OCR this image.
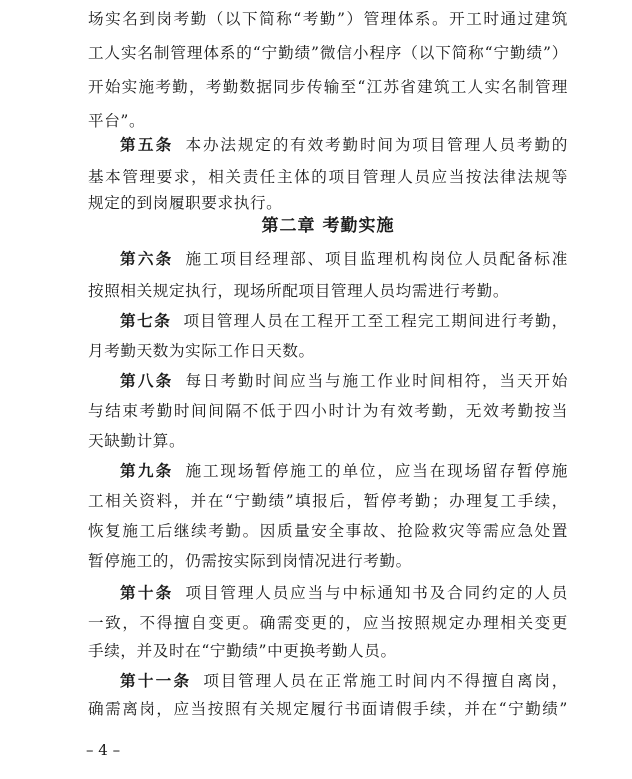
场实名到岗考勤（以下简称“考勤”）管理体系。开工时通过建筑
工人实名制管理体系的“宁勤绩”微信小程序（以下简称“宁勤绩”）
开始实施考勤，考勤数据同步传输至“江苏省建筑工人实名制管理
平台”。
第五条 本办法规定的有效考勤时间为项目管理人员考勤的
基本管理要求，相关责任主体的项目管理人员应当按法律法规等
规定的到岗履职要求执行。
第二章 考勤实施
第六条 施工项目经理部、项目监理机构岗位人员配备标准
按照相关规定执行，现场所配项目管理人员均需进行考勤。
第七条 项目管理人员在工程开工至工程完工期间进行考勤，
月考勤天数为实际工作日天数。
第八条 每日考勤时间应当与施工作业时间相符，当天开始
与结束考勤时间间隔不低于四小时计为有效考勤，无效考勤按当
天缺勤计算。
第九条 施工现场暂停施工的单位，应当在现场留存暂停施
工相关资料，并在“宁勤绩”填报后，暂停考勤；办理复工手续，
恢复施工后继续考勤。因质量安全事故、抢险救灾等需应急处置
暂停施工的，仍需按实际到岗情况进行考勤。
第十条 项目管理人员应当与中标通知书及合同约定的人员
一致，不得擅自变更。确需变更的，应当按照规定办理相关变更
手续，并及时在“宁勤绩”中更换考勤人员。
第十一条 项目管理人员在正常施工时间内不得擅自离岗，
确需离岗，应当按照有关规定履行书面请假手续，并在“宁勤绩”
– 4 –
